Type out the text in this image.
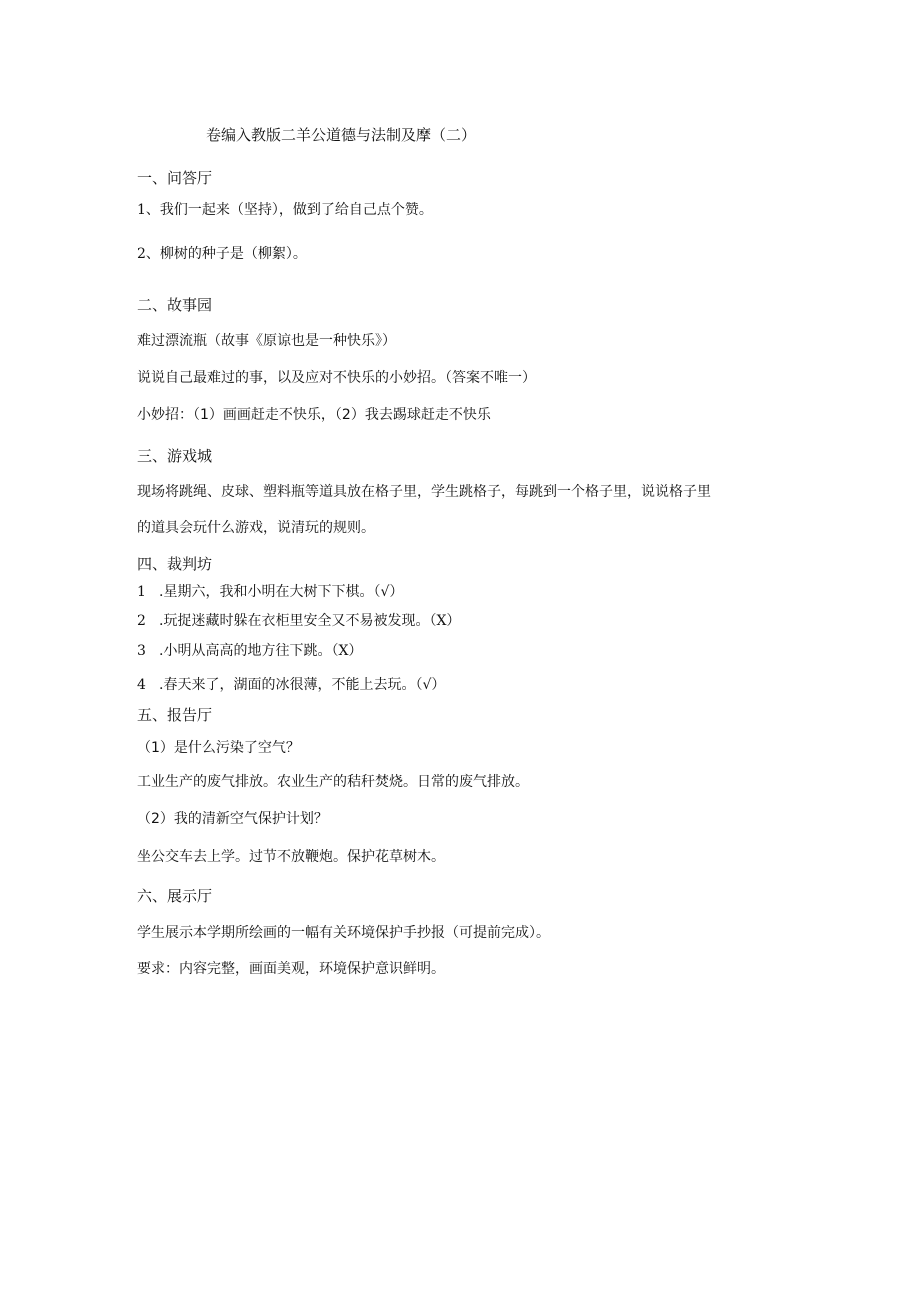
卷编入教版二羊公道德与法制及摩（二）
一、问答厅
1、我们一起来（坚持），做到了给自己点个赞。
2、柳树的种子是（柳絮）。
二、故事园
难过漂流瓶（故事《原谅也是一种快乐》）
说说自己最难过的事，以及应对不快乐的小妙招。（答案不唯一）
小妙招：（1）画画赶走不快乐，（2）我去踢球赶走不快乐
三、游戏城
现场将跳绳、皮球、塑料瓶等道具放在格子里，学生跳格子，每跳到一个格子里，说说格子里
的道具会玩什么游戏，说清玩的规则。
四、裁判坊
1 .星期六，我和小明在大树下下棋。（√）
2 .玩捉迷藏时躲在衣柜里安全又不易被发现。（X）
3 .小明从高高的地方往下跳。（X）
4 .春天来了，湖面的冰很薄，不能上去玩。（√）
五、报告厅
（1）是什么污染了空气？
工业生产的废气排放。农业生产的秸秆焚烧。日常的废气排放。
（2）我的清新空气保护计划？
坐公交车去上学。过节不放鞭炮。保护花草树木。
六、展示厅
学生展示本学期所绘画的一幅有关环境保护手抄报（可提前完成）。
要求：内容完整，画面美观，环境保护意识鲜明。
